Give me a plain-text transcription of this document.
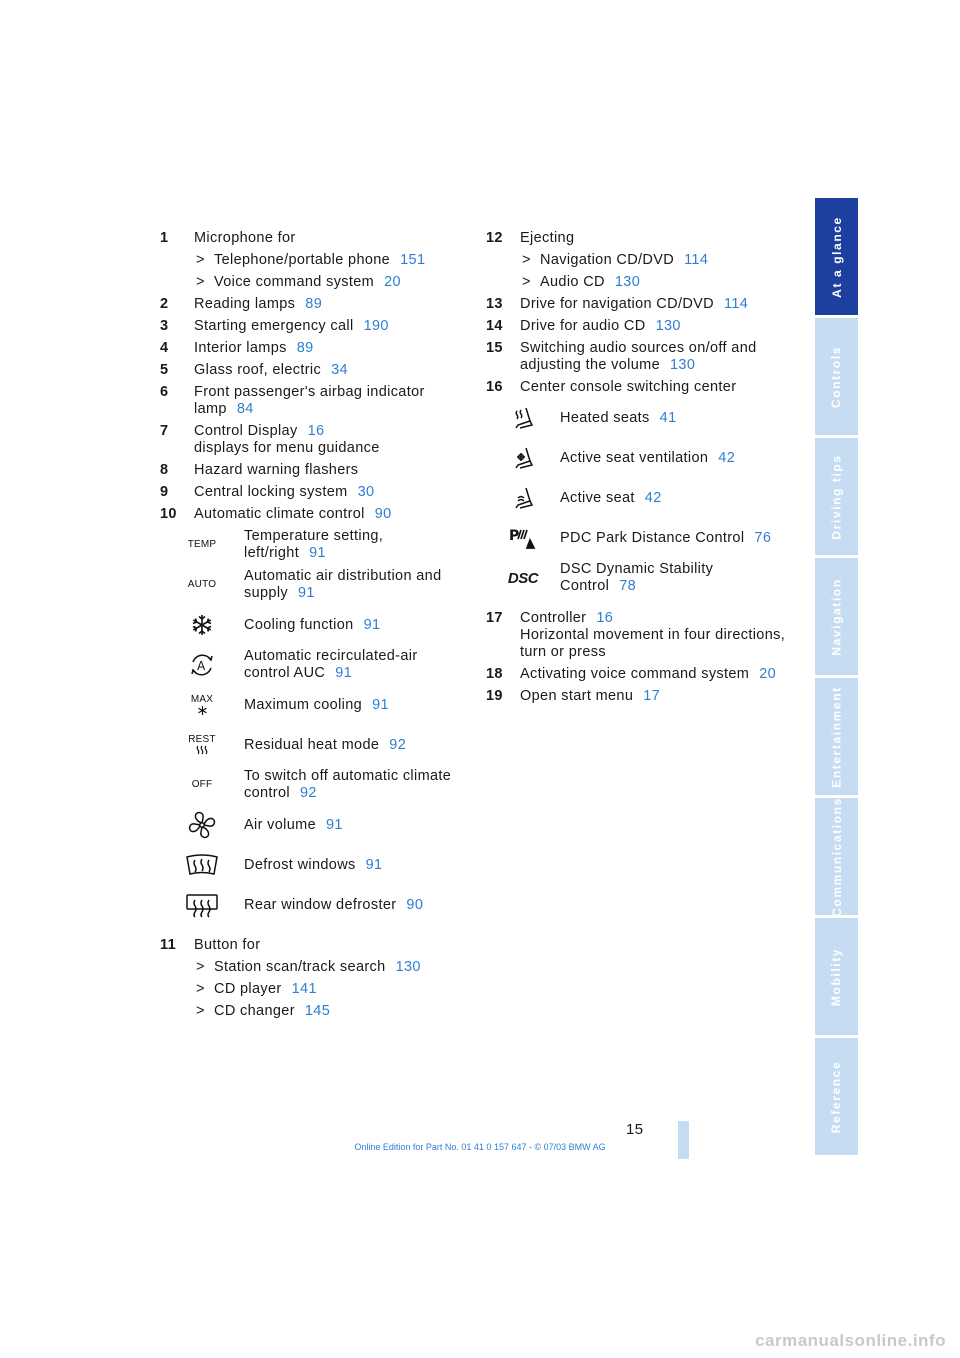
At a glance
Controls
Driving tips
Navigation
Entertainment
Communications
Mobility
Reference
1 Microphone for
> Telephone/portable phone 151
> Voice command system 20
2 Reading lamps 89
3 Starting emergency call 190
4 Interior lamps 89
5 Glass roof, electric 34
6 Front passenger's airbag indicator
lamp 84
7 Control Display 16
displays for menu guidance
8 Hazard warning flashers
9 Central locking system 30
10 Automatic climate control 90
TEMP
Temperature setting,
left/right 91
AUTO
Automatic air distribution and
supply 91
Cooling function 91
A
Automatic recirculated-air
control AUC 91
MAX Maximum cooling 91
REST Residual heat mode 92
OFF
To switch off automatic climate
control 92
Air volume 91
Defrost windows 91
Rear window defroster 90
11 Button for
> Station scan/track search 130
> CD player 141
> CD changer 145
12 Ejecting
> Navigation CD/DVD 114
> Audio CD 130
13 Drive for navigation CD/DVD 114
14 Drive for audio CD 130
15 Switching audio sources on/off and
adjusting the volume 130
16 Center console switching center
Heated seats 41
Active seat ventilation 42
Active seat 42
P	PDC Park Distance Control 76
DSC
DSC Dynamic Stability
Control 78
17 Controller 16
Horizontal movement in four directions,
turn or press
18 Activating voice command system 20
19 Open start menu 17
15
Online Edition for Part No. 01 41 0 157 647 - © 07/03 BMW AG
carmanualsonline.info
